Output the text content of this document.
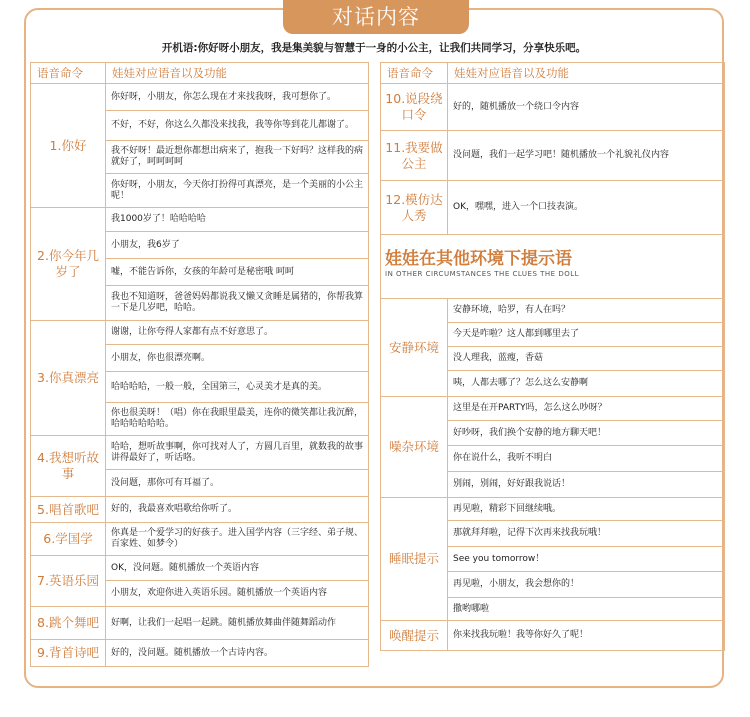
对话内容
开机语:你好呀小朋友，我是集美貌与智慧于一身的小公主，让我们共同学习，分享快乐吧。
语音命令	娃娃对应语音以及功能
1.你好	你好呀，小朋友，你怎么现在才来找我呀，我可想你了。
	不好，不好，你这么久都没来找我，我等你等到花儿都谢了。
	我不好呀！最近想你都想出病来了，抱我一下好吗？这样我的病就好了，呵呵呵呵
	你好呀，小朋友，今天你打扮得可真漂亮，是一个美丽的小公主呢！
2.你今年几岁了	我1000岁了！哈哈哈哈
	小朋友，我6岁了
	嘘，不能告诉你，女孩的年龄可是秘密哦 呵呵
	我也不知道呀，爸爸妈妈都说我又懒又贪睡是属猪的，你帮我算一下是几岁吧，哈哈。
3.你真漂亮	谢谢，让你夸得人家都有点不好意思了。
	小朋友，你也很漂亮啊。
	哈哈哈哈，一般一般，全国第三，心灵美才是真的美。
	你也很美呀！（唱）你在我眼里最美，连你的微笑都让我沉醉，哈哈哈哈哈哈。
4.我想听故事	哈哈，想听故事啊，你可找对人了，方圆几百里，就数我的故事讲得最好了，听话咯。
	没问题，那你可有耳福了。
5.唱首歌吧	好的，我最喜欢唱歌给你听了。
6.学国学	你真是一个爱学习的好孩子。进入国学内容（三字经、弟子规、百家姓、如梦令）
7.英语乐园	OK，没问题。随机播放一个英语内容
	小朋友，欢迎你进入英语乐园。随机播放一个英语内容
8.跳个舞吧	好啊，让我们一起唱一起跳。随机播放舞曲伴随舞蹈动作
9.背首诗吧	好的，没问题。随机播放一个古诗内容。
语音命令	娃娃对应语音以及功能
10.说段绕口令	好的，随机播放一个绕口令内容
11.我要做公主	没问题，我们一起学习吧！随机播放一个礼貌礼仪内容
12.模仿达人秀	OK，嘿嘿，进入一个口技表演。

娃娃在其他环境下提示语
IN OTHER CIRCUMSTANCES THE CLUES THE DOLL	

安静环境	安静环境，哈罗，有人在吗？
	今天是咋啦？这人都到哪里去了
	没人理我，蓝瘦，香菇
	咦，人都去哪了？怎么这么安静啊
噪杂环境	这里是在开PARTY吗，怎么这么吵呀？
	好吵呀，我们换个安静的地方聊天吧！
	你在说什么，我听不明白
	别闹，别闹，好好跟我说话！
睡眠提示	再见啦，精彩下回继续哦。
	那就拜拜啦，记得下次再来找我玩哦！
	See you tomorrow！
	再见啦，小朋友，我会想你的！
	撒哟哪啦
唤醒提示	你来找我玩啦！我等你好久了呢！
